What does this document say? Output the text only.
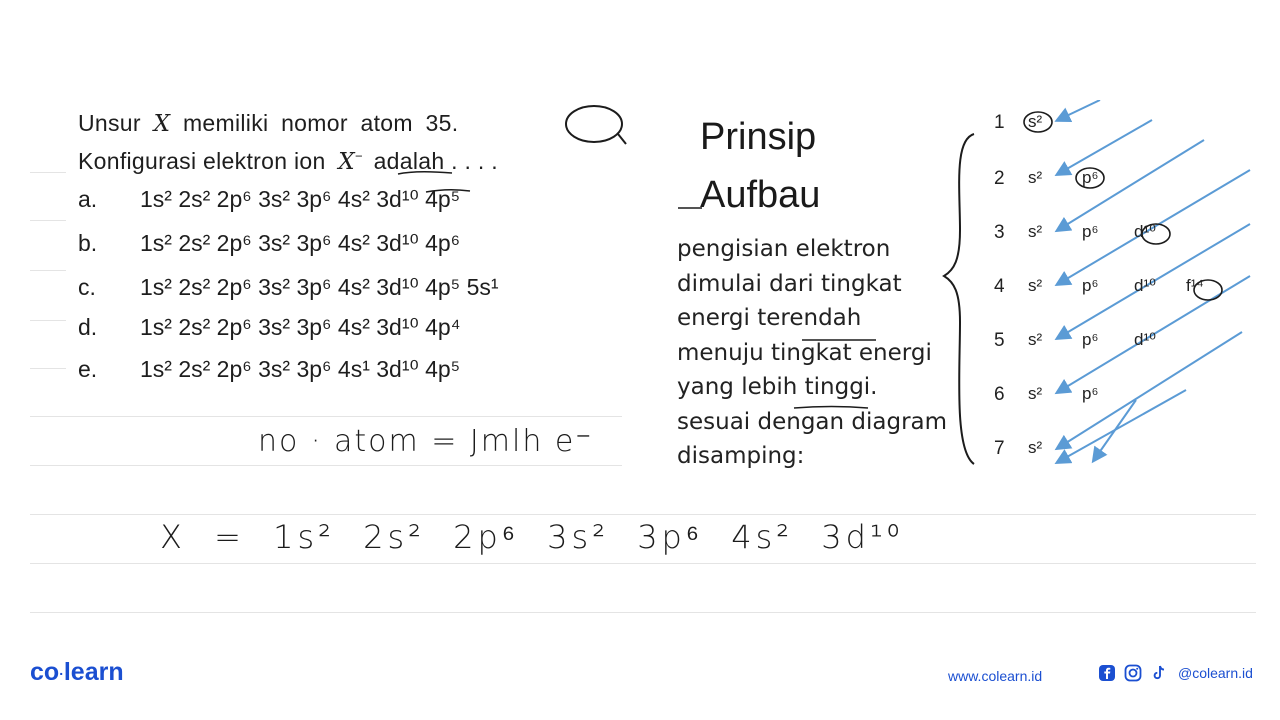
Unsur X memiliki nomor atom 35.
Konfigurasi elektron ion X− adalah . . . .
a. 1s² 2s² 2p⁶ 3s² 3p⁶ 4s² 3d¹⁰ 4p⁵
b. 1s² 2s² 2p⁶ 3s² 3p⁶ 4s² 3d¹⁰ 4p⁶
c. 1s² 2s² 2p⁶ 3s² 3p⁶ 4s² 3d¹⁰ 4p⁵ 5s¹
d. 1s² 2s² 2p⁶ 3s² 3p⁶ 4s² 3d¹⁰ 4p⁴
e. 1s² 2s² 2p⁶ 3s² 3p⁶ 4s¹ 3d¹⁰ 4p⁵
no · atom = Jmlh e⁻
X = 1s² 2s² 2p⁶ 3s² 3p⁶ 4s² 3d¹⁰
Prinsip
Aufbau
pengisian elektron
dimulai dari tingkat
energi terendah
menuju tingkat energi
yang lebih tinggi.
sesuai dengan diagram
disamping:
1 s²
2 s² p⁶
3 s² p⁶ d¹⁰
4 s² p⁶ d¹⁰ f¹⁴
5 s² p⁶ d¹⁰
6 s² p⁶
7 s²
co·learn	www.colearn.id	@colearn.id
